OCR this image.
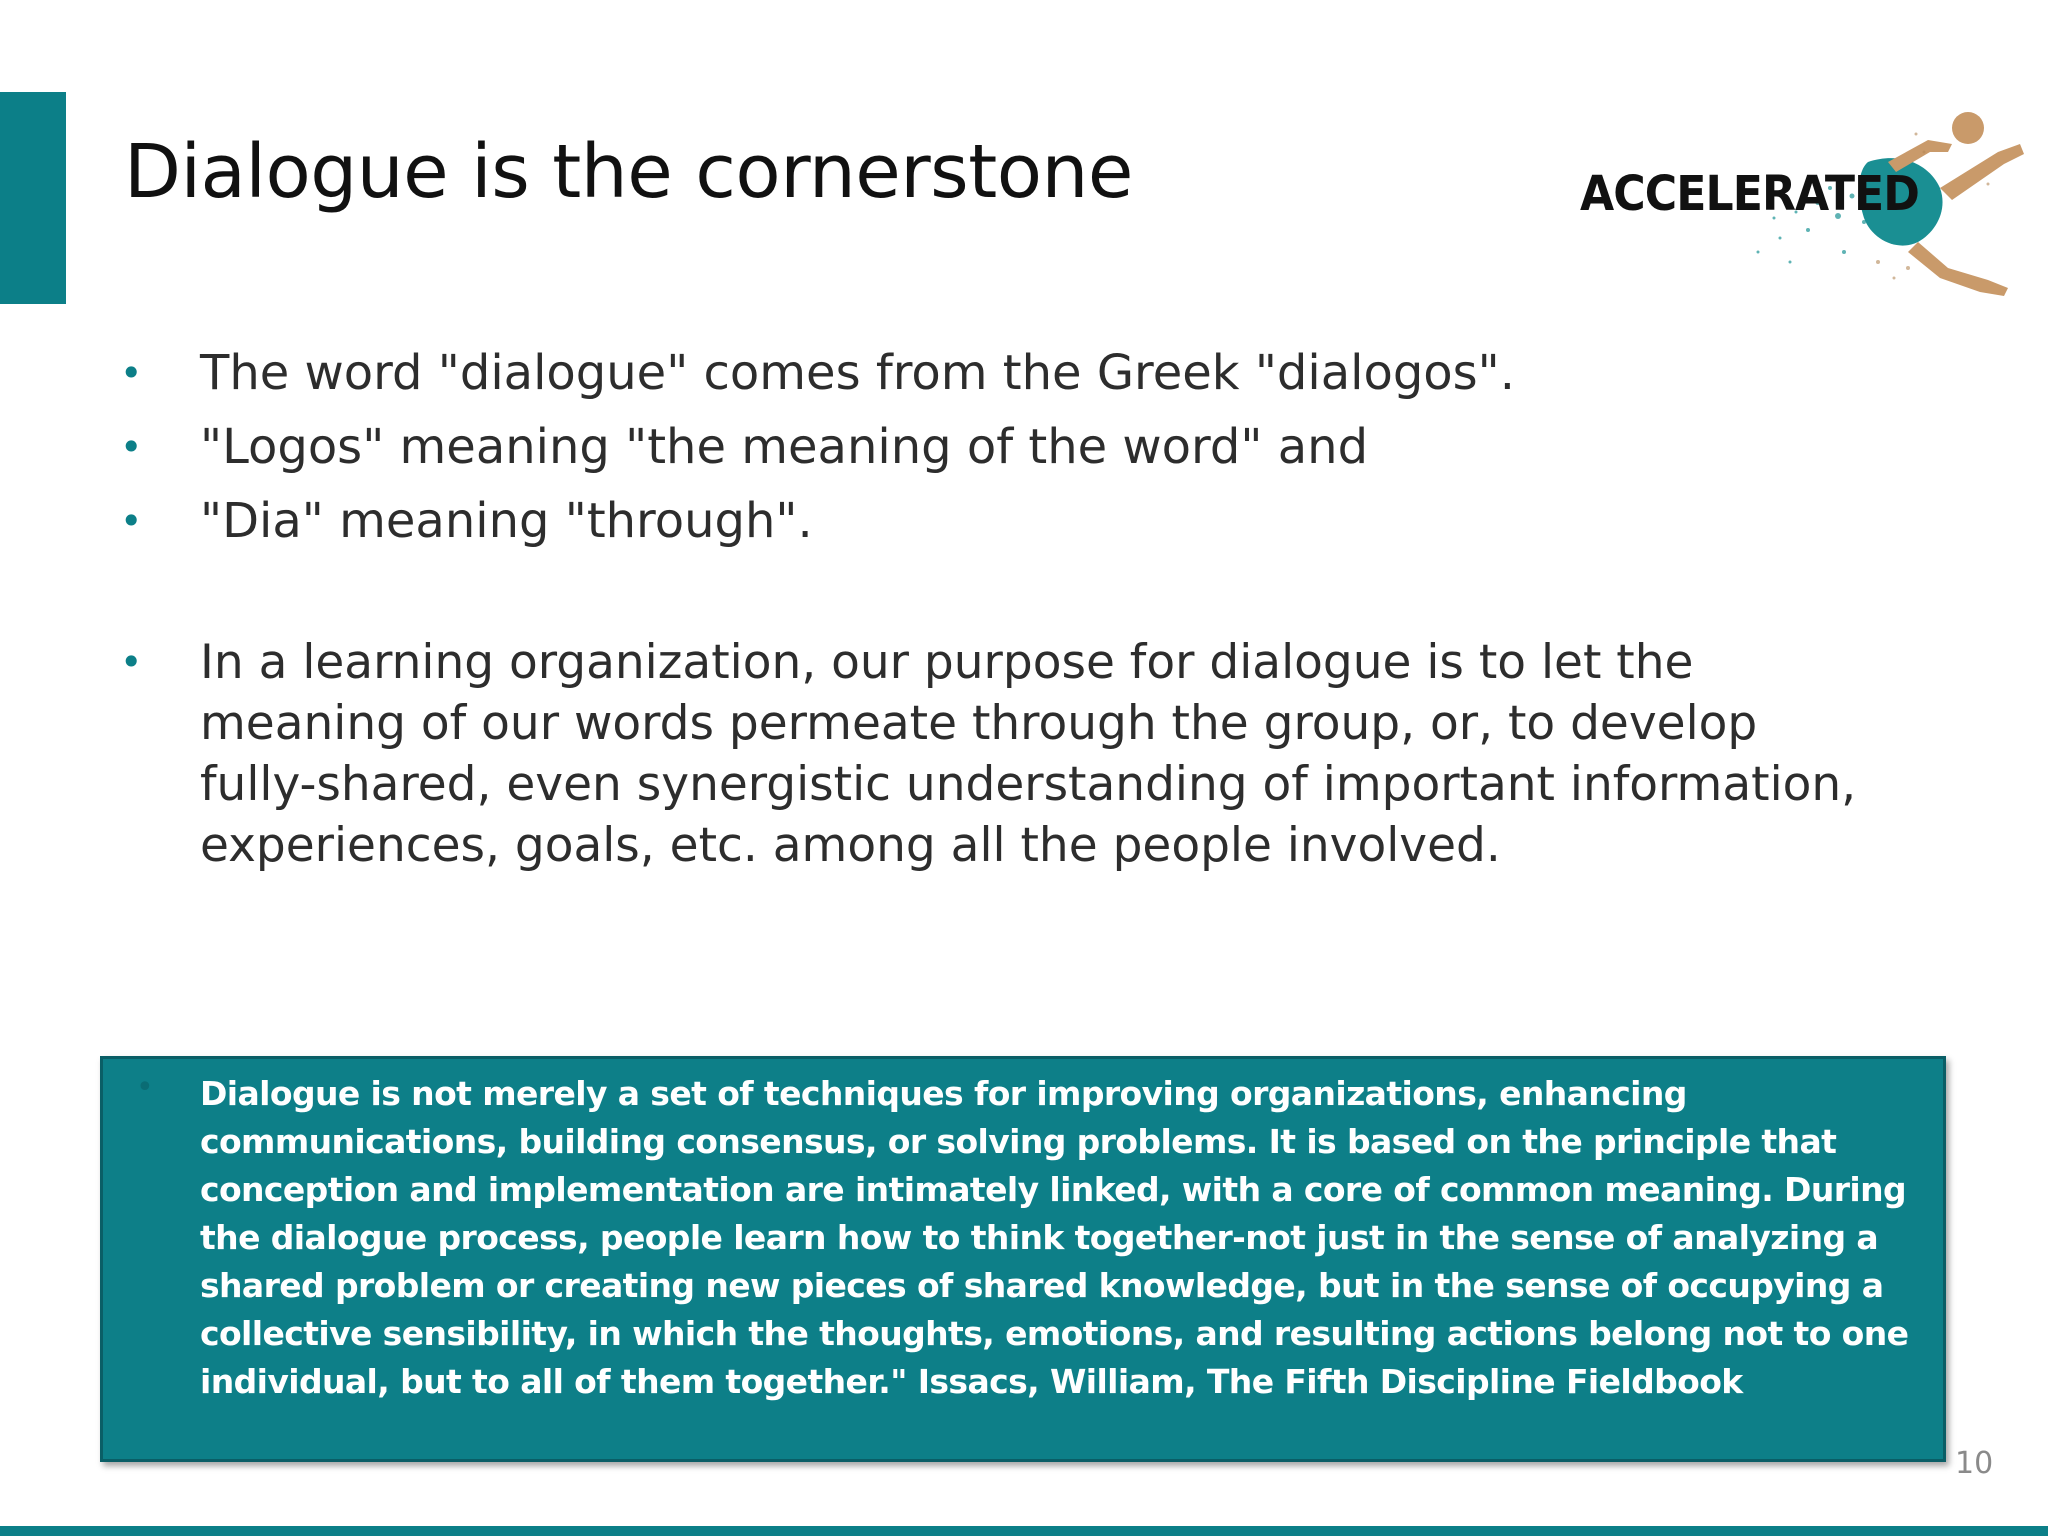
Dialogue is the cornerstone	ACCELERATED
• The word "dialogue" comes from the Greek "dialogos".
• "Logos" meaning "the meaning of the word" and
• "Dia" meaning "through".
• In a learning organization, our purpose for dialogue is to let the meaning of our words permeate through the group, or, to develop fully-shared, even synergistic understanding of important information, experiences, goals, etc. among all the people involved.
• Dialogue is not merely a set of techniques for improving organizations, enhancing communications, building consensus, or solving problems. It is based on the principle that conception and implementation are intimately linked, with a core of common meaning. During the dialogue process, people learn how to think together-not just in the sense of analyzing a shared problem or creating new pieces of shared knowledge, but in the sense of occupying a collective sensibility, in which the thoughts, emotions, and resulting actions belong not to one individual, but to all of them together." Issacs, William, The Fifth Discipline Fieldbook
10
